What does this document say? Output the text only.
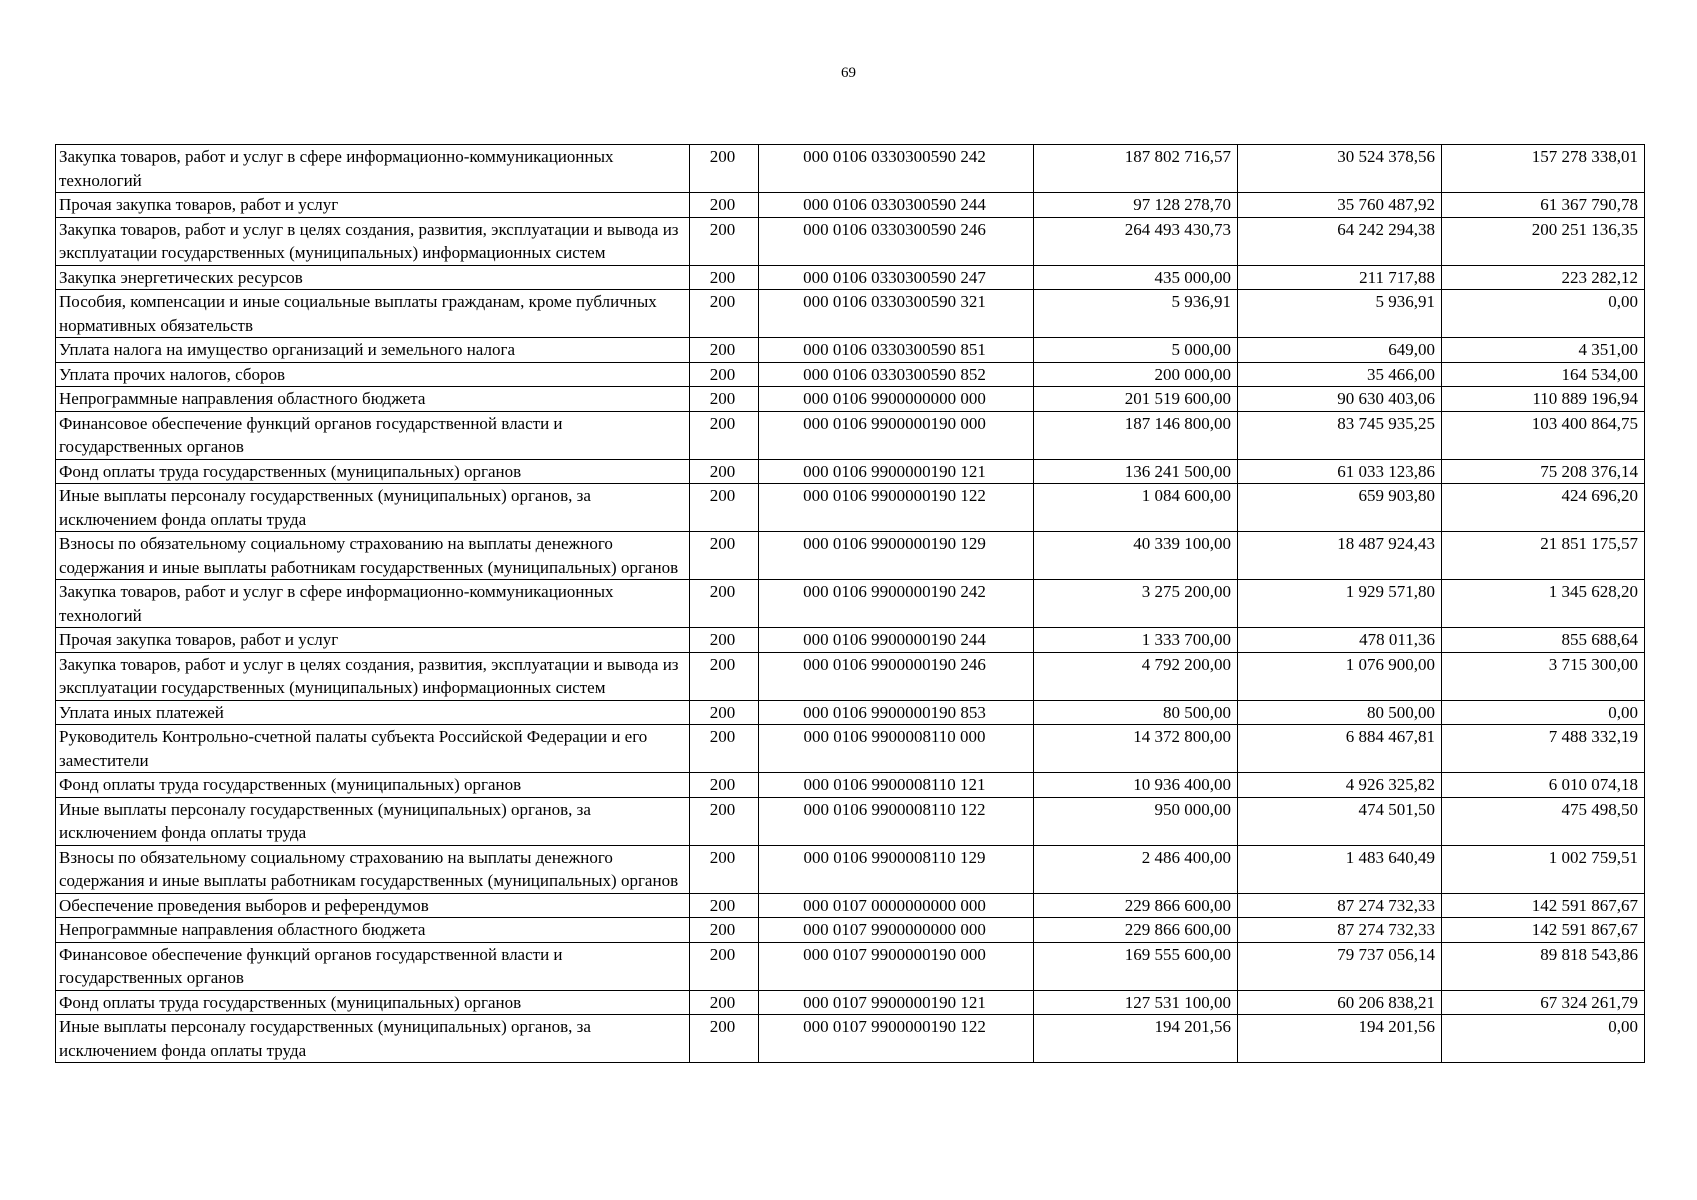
69
Закупка товаров, работ и услуг в сфере информационно-коммуникационных технологий	200	000 0106 0330300590 242	187 802 716,57	30 524 378,56	157 278 338,01
Прочая закупка товаров, работ и услуг	200	000 0106 0330300590 244	97 128 278,70	35 760 487,92	61 367 790,78
Закупка товаров, работ и услуг в целях создания, развития, эксплуатации и вывода из эксплуатации государственных (муниципальных) информационных систем	200	000 0106 0330300590 246	264 493 430,73	64 242 294,38	200 251 136,35
Закупка энергетических ресурсов	200	000 0106 0330300590 247	435 000,00	211 717,88	223 282,12
Пособия, компенсации и иные социальные выплаты гражданам, кроме публичных нормативных обязательств	200	000 0106 0330300590 321	5 936,91	5 936,91	0,00
Уплата налога на имущество организаций и земельного налога	200	000 0106 0330300590 851	5 000,00	649,00	4 351,00
Уплата прочих налогов, сборов	200	000 0106 0330300590 852	200 000,00	35 466,00	164 534,00
Непрограммные направления областного бюджета	200	000 0106 9900000000 000	201 519 600,00	90 630 403,06	110 889 196,94
Финансовое обеспечение функций органов государственной власти и государственных органов	200	000 0106 9900000190 000	187 146 800,00	83 745 935,25	103 400 864,75
Фонд оплаты труда государственных (муниципальных) органов	200	000 0106 9900000190 121	136 241 500,00	61 033 123,86	75 208 376,14
Иные выплаты персоналу государственных (муниципальных) органов, за исключением фонда оплаты труда	200	000 0106 9900000190 122	1 084 600,00	659 903,80	424 696,20
Взносы по обязательному социальному страхованию на выплаты денежного содержания и иные выплаты работникам государственных (муниципальных) органов	200	000 0106 9900000190 129	40 339 100,00	18 487 924,43	21 851 175,57
Закупка товаров, работ и услуг в сфере информационно-коммуникационных технологий	200	000 0106 9900000190 242	3 275 200,00	1 929 571,80	1 345 628,20
Прочая закупка товаров, работ и услуг	200	000 0106 9900000190 244	1 333 700,00	478 011,36	855 688,64
Закупка товаров, работ и услуг в целях создания, развития, эксплуатации и вывода из эксплуатации государственных (муниципальных) информационных систем	200	000 0106 9900000190 246	4 792 200,00	1 076 900,00	3 715 300,00
Уплата иных платежей	200	000 0106 9900000190 853	80 500,00	80 500,00	0,00
Руководитель Контрольно-счетной палаты субъекта Российской Федерации и его заместители	200	000 0106 9900008110 000	14 372 800,00	6 884 467,81	7 488 332,19
Фонд оплаты труда государственных (муниципальных) органов	200	000 0106 9900008110 121	10 936 400,00	4 926 325,82	6 010 074,18
Иные выплаты персоналу государственных (муниципальных) органов, за исключением фонда оплаты труда	200	000 0106 9900008110 122	950 000,00	474 501,50	475 498,50
Взносы по обязательному социальному страхованию на выплаты денежного содержания и иные выплаты работникам государственных (муниципальных) органов	200	000 0106 9900008110 129	2 486 400,00	1 483 640,49	1 002 759,51
Обеспечение проведения выборов и референдумов	200	000 0107 0000000000 000	229 866 600,00	87 274 732,33	142 591 867,67
Непрограммные направления областного бюджета	200	000 0107 9900000000 000	229 866 600,00	87 274 732,33	142 591 867,67
Финансовое обеспечение функций органов государственной власти и государственных органов	200	000 0107 9900000190 000	169 555 600,00	79 737 056,14	89 818 543,86
Фонд оплаты труда государственных (муниципальных) органов	200	000 0107 9900000190 121	127 531 100,00	60 206 838,21	67 324 261,79
Иные выплаты персоналу государственных (муниципальных) органов, за исключением фонда оплаты труда	200	000 0107 9900000190 122	194 201,56	194 201,56	0,00
